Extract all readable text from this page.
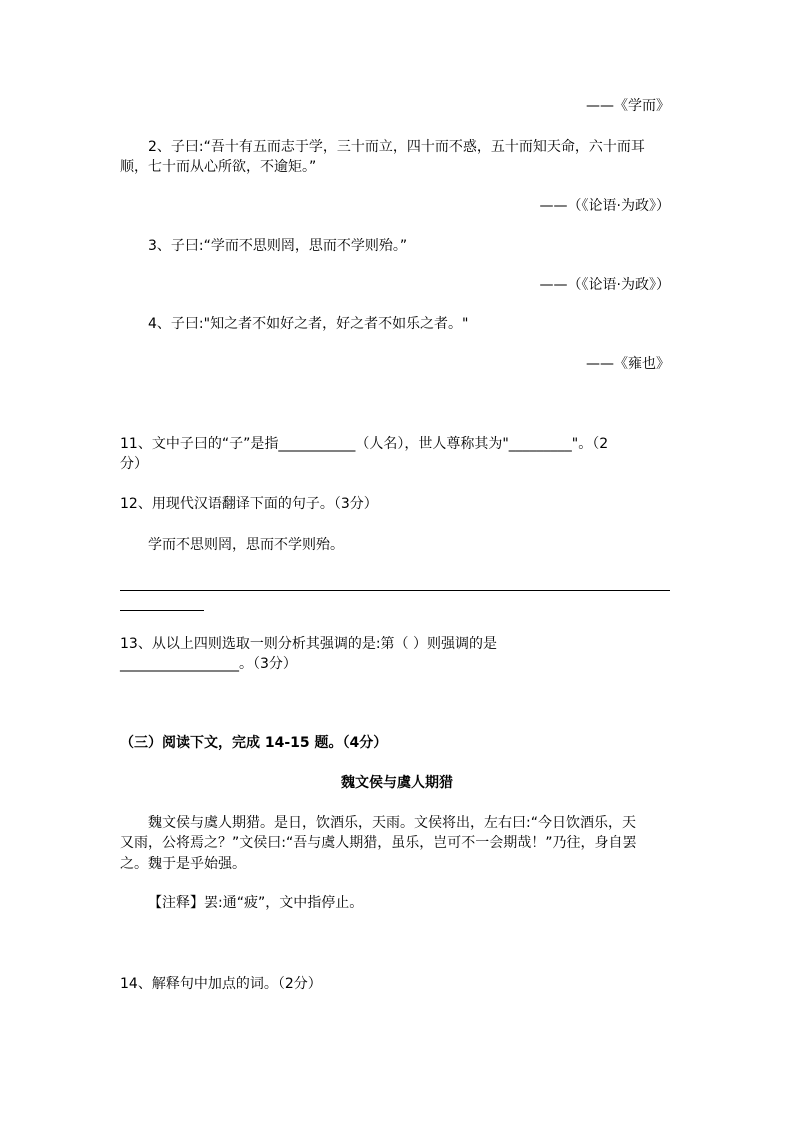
——《学而》
2、子曰:“吾十有五而志于学，三十而立，四十而不惑，五十而知天命，六十而耳
顺，七十而从心所欲，不逾矩。”
——（《论语·为政》）
3、子曰:“学而不思则罔，思而不学则殆。”
——（《论语·为政》）
4、子曰:"知之者不如好之者，好之者不如乐之者。"
——《雍也》
11、文中子曰的“子”是指___________（人名），世人尊称其为"_________"。（2
分）
12、用现代汉语翻译下面的句子。（3分）
学而不思则罔，思而不学则殆。
13、从以上四则选取一则分析其强调的是:第（ ）则强调的是
_________________。（3分）
（三）阅读下文，完成 14-15 题。（4分）
魏文侯与虞人期猎
魏文侯与虞人期猎。是日，饮酒乐，天雨。文侯将出，左右曰:“今日饮酒乐，天
又雨，公将焉之？”文侯曰:“吾与虞人期猎，虽乐，岂可不一会期哉！”乃往，身自罢
之。魏于是乎始强。
【注释】罢:通“疲”，文中指停止。
14、解释句中加点的词。（2分）
